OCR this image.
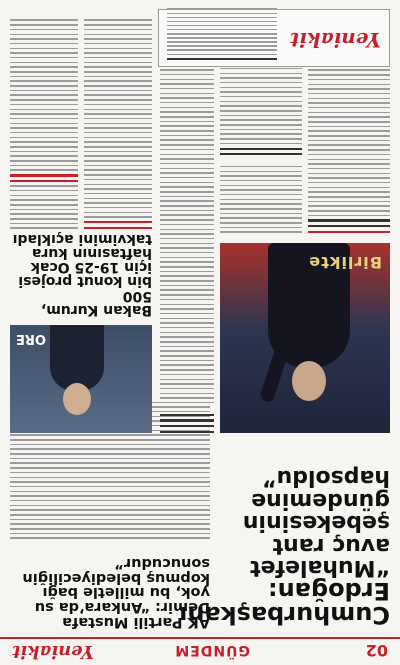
02
GÜNDEM
Yeniakit
Cumhurbaşkanı
Erdoğan:
“Muhalefet
avuç rant
şebekesinin
gündemine
hapsoldu”
AK Partili Mustafa
Demir: “Ankara’da su
yok, bu milletle bağı
kopmuş belediyeciliğin
sonucudur”
Birlikte
ORE
Bakan Kurum, 500
bin konut projesi
için 19-25 Ocak
haftasının kura
takvimini açıkladı
Yeniakit
